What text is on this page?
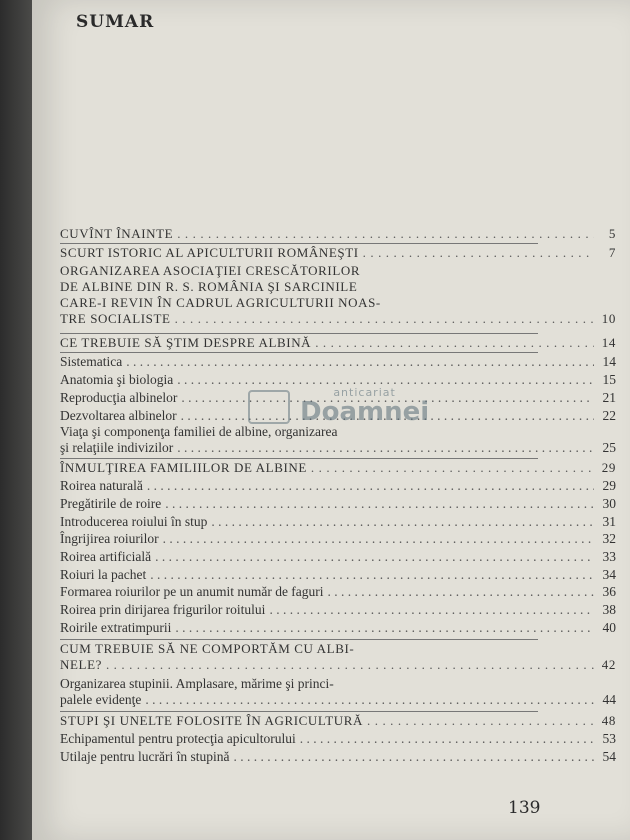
SUMAR
CUVÎNT ÎNAINTE . . .	5
SCURT ISTORIC AL APICULTURII ROMÂNEŞTI . . .	7
ORGANIZAREA ASOCIAŢIEI CRESCĂTORILOR
DE ALBINE DIN R. S. ROMÂNIA ŞI SARCINILE
CARE-I REVIN ÎN CADRUL AGRICULTURII NOAS-
TRE SOCIALISTE . . .	10
CE TREBUIE SĂ ŞTIM DESPRE ALBINĂ . . .	14
Sistematica . . .	14
Anatomia şi biologia . . .	15
Reproducţia albinelor . . .	21
Dezvoltarea albinelor . . .	22
Viaţa şi componenţa familiei de albine, organizarea
şi relaţiile indivizilor . . .	25
ÎNMULŢIREA FAMILIILOR DE ALBINE . . .	29
Roirea naturală . . .	29
Pregătirile de roire . . .	30
Introducerea roiului în stup . . .	31
Îngrijirea roiurilor . . .	32
Roirea artificială . . .	33
Roiuri la pachet . . .	34
Formarea roiurilor pe un anumit număr de faguri . . .	36
Roirea prin dirijarea frigurilor roitului . . .	38
Roirile extratimpurii . . .	40
CUM TREBUIE SĂ NE COMPORTĂM CU ALBI-
NELE? . . .	42
Organizarea stupinii. Amplasare, mărime şi princi-
palele evidenţe . . .	44
STUPI ŞI UNELTE FOLOSITE ÎN AGRICULTURĂ . . .	48
Echipamentul pentru protecţia apicultorului . . .	53
Utilaje pentru lucrări în stupină . . .	54
anticariat
Doamnei
139
